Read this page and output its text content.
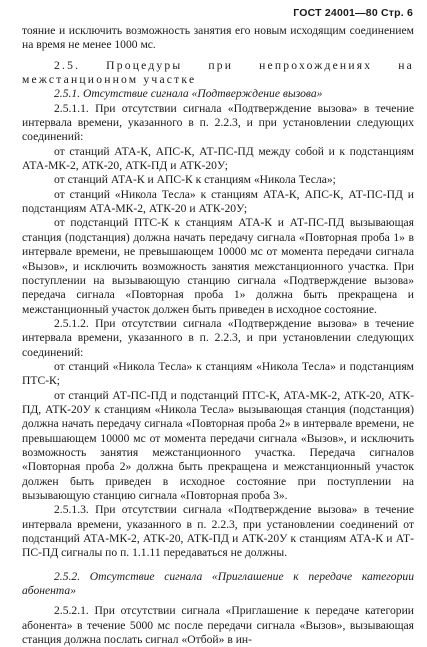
ГОСТ 24001—80 Стр. 6

тояние и исключить возможность занятия его новым исходящим соединением на время не менее 1000 мс.

2.5. Процедуры при непрохождениях на межстанционном участке

2.5.1. Отсутствие сигнала «Подтверждение вызова»

2.5.1.1. При отсутствии сигнала «Подтверждение вызова» в течение интервала времени, указанного в п. 2.2.3, и при установлении следующих соединений:

от станций АТА-К, АПС-К, АТ-ПС-ПД между собой и к подстанциям АТА-МК-2, АТК-20, АТК-ПД и АТК-20У;

от станций АТА-К и АПС-К к станциям «Никола Тесла»;

от станций «Никола Тесла» к станциям АТА-К, АПС-К, АТ-ПС-ПД и подстанциям АТА-МК-2, АТК-20 и АТК-20У;

от подстанций ПТС-К к станциям АТА-К и АТ-ПС-ПД вызывающая станция (подстанция) должна начать передачу сигнала «Повторная проба 1» в интервале времени, не превышающем 10000 мс от момента передачи сигнала «Вызов», и исключить возможность занятия межстанционного участка. При поступлении на вызывающую станцию сигнала «Подтверждение вызова» передача сигнала «Повторная проба 1» должна быть прекращена и межстанционный участок должен быть приведен в исходное состояние.

2.5.1.2. При отсутствии сигнала «Подтверждение вызова» в течение интервала времени, указанного в п. 2.2.3, и при установлении следующих соединений:

от станций «Никола Тесла» к станциям «Никола Тесла» и подстанциям ПТС-К;

от станций АТ-ПС-ПД и подстанций ПТС-К, АТА-МК-2, АТК-20, АТК-ПД, АТК-20У к станциям «Никола Тесла» вызывающая станция (подстанция) должна начать передачу сигнала «Повторная проба 2» в интервале времени, не превышающем 10000 мс от момента передачи сигнала «Вызов», и исключить возможность занятия межстанционного участка. Передача сигналов «Повторная проба 2» должна быть прекращена и межстанционный участок должен быть приведен в исходное состояние при поступлении на вызывающую станцию сигнала «Повторная проба 3».

2.5.1.3. При отсутствии сигнала «Подтверждение вызова» в течение интервала времени, указанного в п. 2.2.3, при установлении соединений от подстанций АТА-МК-2, АТК-20, АТК-ПД и АТК-20У к станциям АТА-К и АТ-ПС-ПД сигналы по п. 1.1.11 передаваться не должны.

2.5.2. Отсутствие сигнала «Приглашение к передаче категории абонента»

2.5.2.1. При отсутствии сигнала «Приглашение к передаче категории абонента» в течение 5000 мс после передачи сигнала «Вызов», вызывающая станция должна послать сигнал «Отбой» в ин-
